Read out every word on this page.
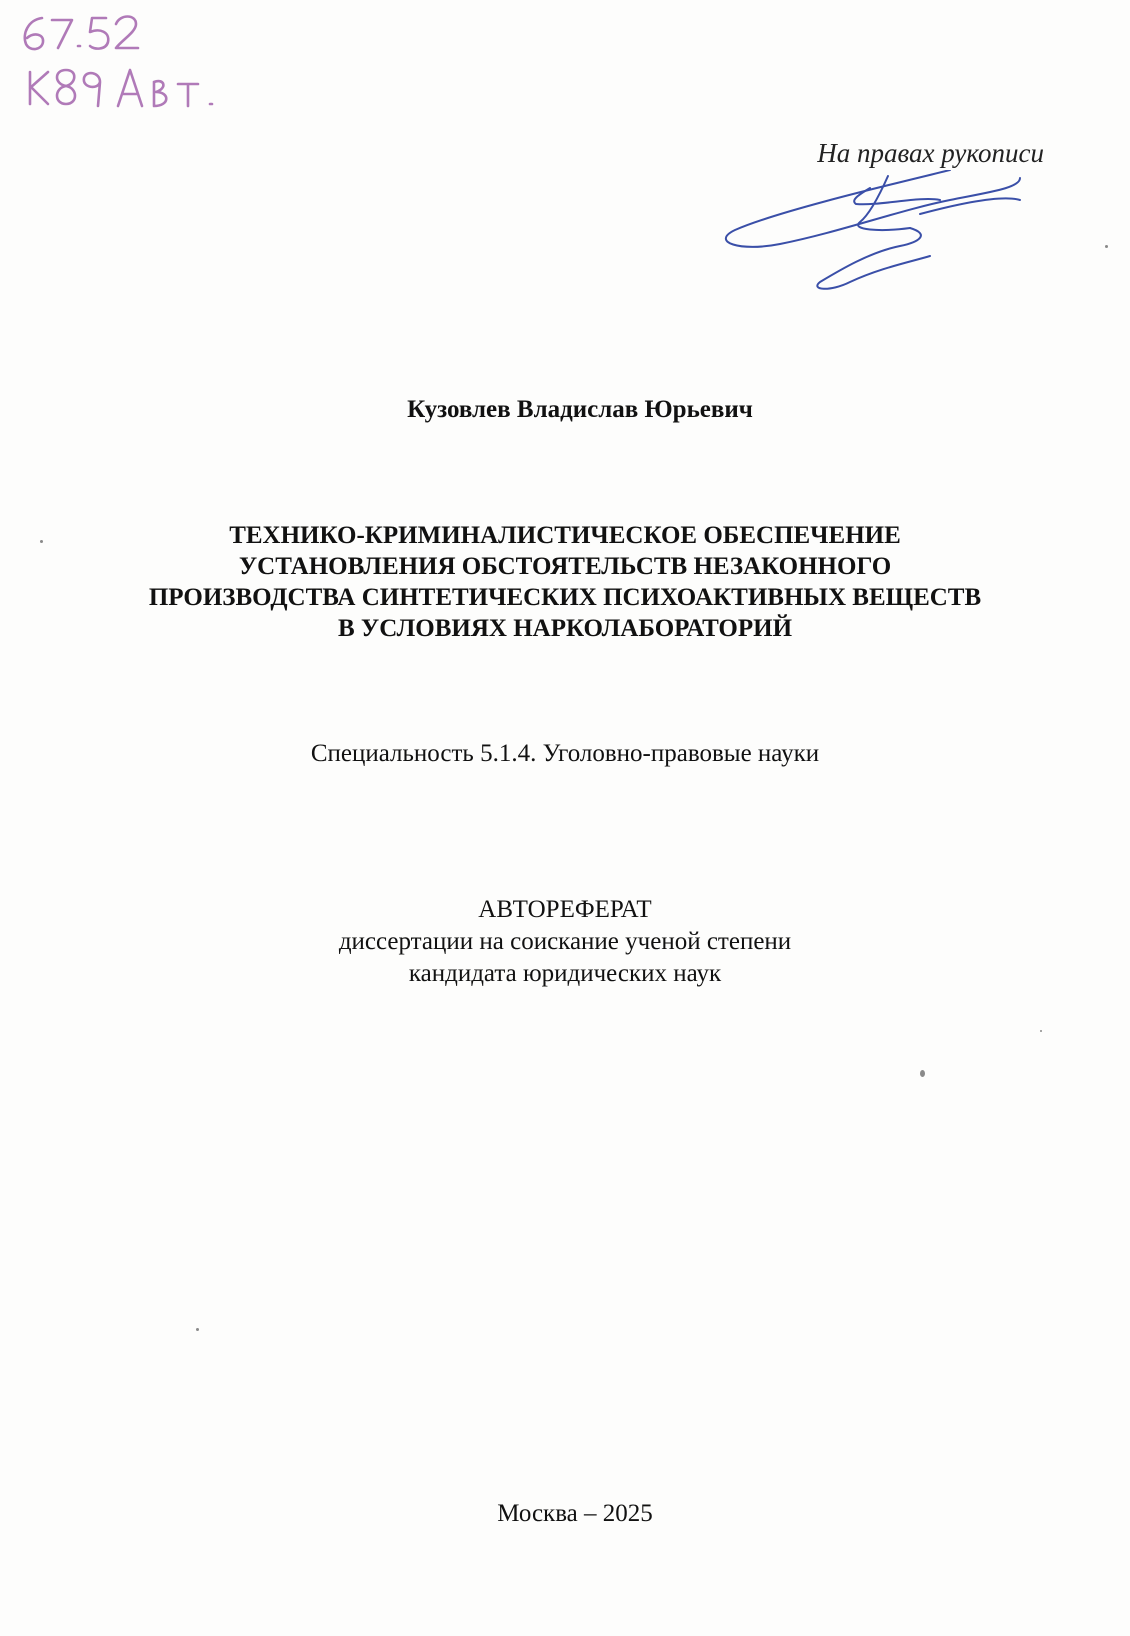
На правах рукописи
Кузовлев Владислав Юрьевич
ТЕХНИКО-КРИМИНАЛИСТИЧЕСКОЕ ОБЕСПЕЧЕНИЕ
УСТАНОВЛЕНИЯ ОБСТОЯТЕЛЬСТВ НЕЗАКОННОГО
ПРОИЗВОДСТВА СИНТЕТИЧЕСКИХ ПСИХОАКТИВНЫХ ВЕЩЕСТВ
В УСЛОВИЯХ НАРКОЛАБОРАТОРИЙ
Специальность 5.1.4. Уголовно-правовые науки
АВТОРЕФЕРАТ
диссертации на соискание ученой степени
кандидата юридических наук
Москва – 2025
